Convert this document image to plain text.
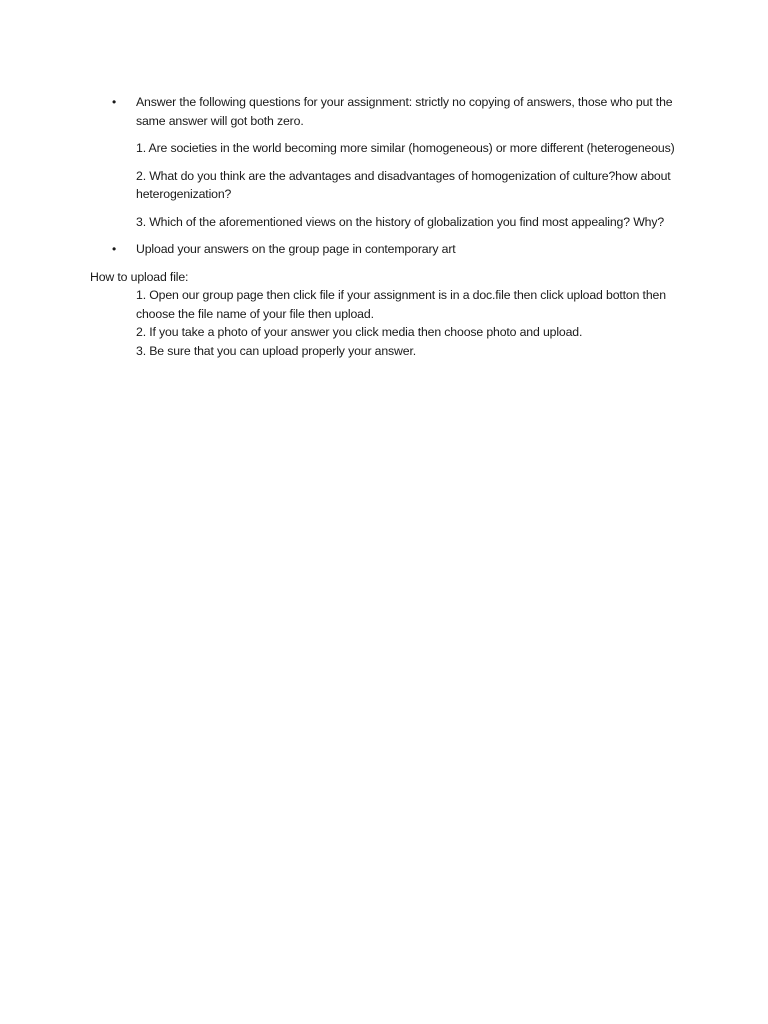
• Answer the following questions for your assignment: strictly no copying of answers, those who put the same answer will got both zero.

1. Are societies in the world becoming more similar (homogeneous) or more different (heterogeneous)

2. What do you think are the advantages and disadvantages of homogenization of culture?how about heterogenization?

3. Which of the aforementioned views on the history of globalization you find most appealing? Why?

• Upload your answers on the group page in contemporary art

How to upload file:

1. Open our group page then click file if your assignment is in a doc.file then click upload botton then choose the file name of your file then upload.

2. If you take a photo of your answer you click media then choose photo and upload.

3. Be sure that you can upload properly your answer.
